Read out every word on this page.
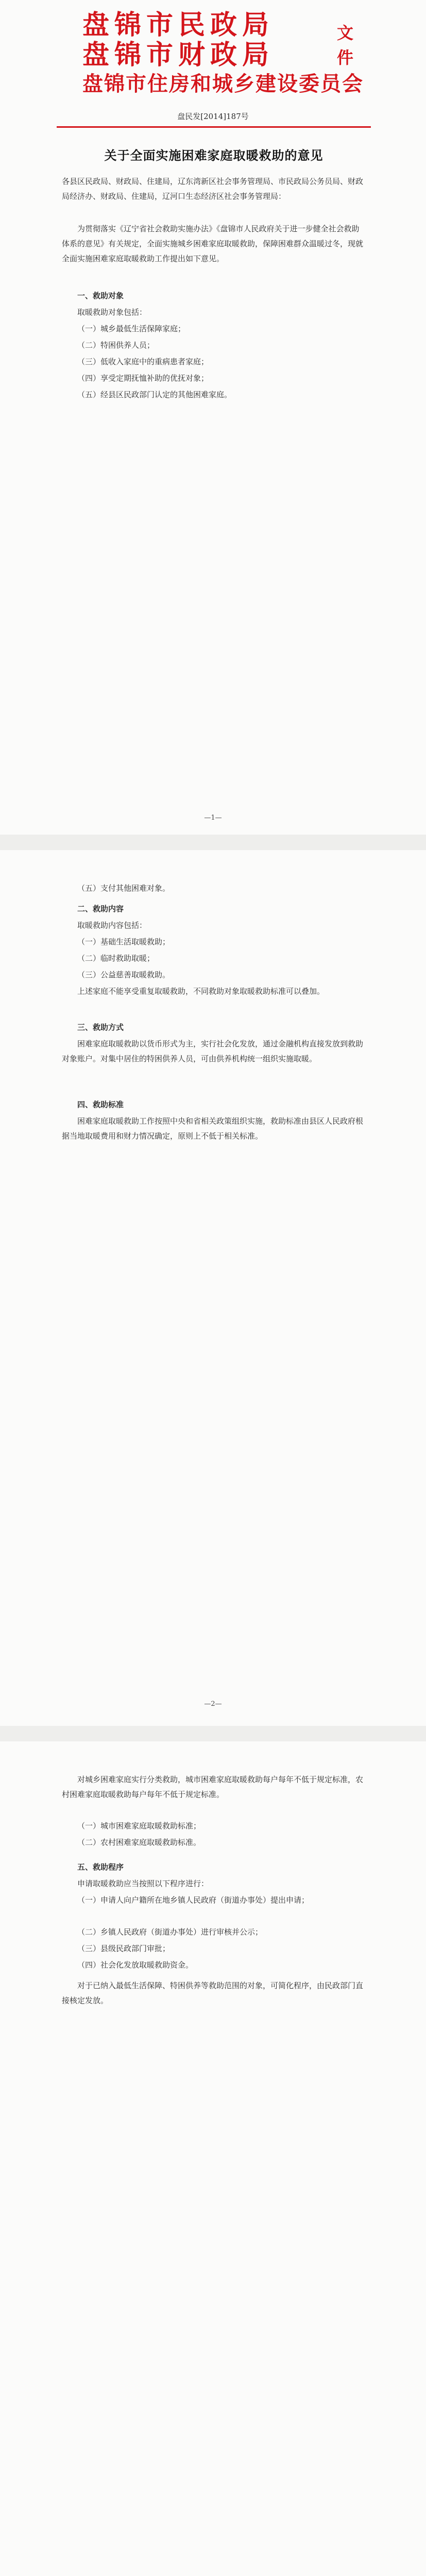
盘锦市民政局
盘锦市财政局
盘锦市住房和城乡建设委员会
文件
盘民发[2014]187号
关于全面实施困难家庭取暖救助的意见
各县区民政局、财政局、住建局，辽东湾新区社会事务管理局、市民政局公务员局、财政局经济办、财政局、住建局，辽河口生态经济区社会事务管理局：
为贯彻落实《辽宁省社会救助实施办法》《盘锦市人民政府关于进一步健全社会救助体系的意见》有关规定，全面实施城乡困难家庭取暖救助，保障困难群众温暖过冬，现就全面实施困难家庭取暖救助工作提出如下意见。
一、救助对象
取暖救助对象包括：
（一）城乡最低生活保障家庭；
（二）特困供养人员；
（三）低收入家庭中的重病患者家庭；
（四）享受定期抚恤补助的优抚对象；
（五）经县区民政部门认定的其他困难家庭。
—1—
（五）支付其他困难对象。
二、救助内容
取暖救助内容包括：
（一）基础生活取暖救助；
（二）临时救助取暖；
（三）公益慈善取暖救助。
上述家庭不能享受重复取暖救助，不同救助对象取暖救助标准可以叠加。
三、救助方式
困难家庭取暖救助以货币形式为主，实行社会化发放，通过金融机构直接发放到救助对象账户。对集中居住的特困供养人员，可由供养机构统一组织实施取暖。
四、救助标准
困难家庭取暖救助工作按照中央和省相关政策组织实施，救助标准由县区人民政府根据当地取暖费用和财力情况确定，原则上不低于相关标准。
—2—
对城乡困难家庭实行分类救助，城市困难家庭取暖救助每户每年不低于规定标准，农村困难家庭取暖救助每户每年不低于规定标准。
（一）城市困难家庭取暖救助标准；
（二）农村困难家庭取暖救助标准。
五、救助程序
申请取暖救助应当按照以下程序进行：
（一）申请人向户籍所在地乡镇人民政府（街道办事处）提出申请；
（二）乡镇人民政府（街道办事处）进行审核并公示；
（三）县级民政部门审批；
（四）社会化发放取暖救助资金。
对于已纳入最低生活保障、特困供养等救助范围的对象，可简化程序，由民政部门直接核定发放。
